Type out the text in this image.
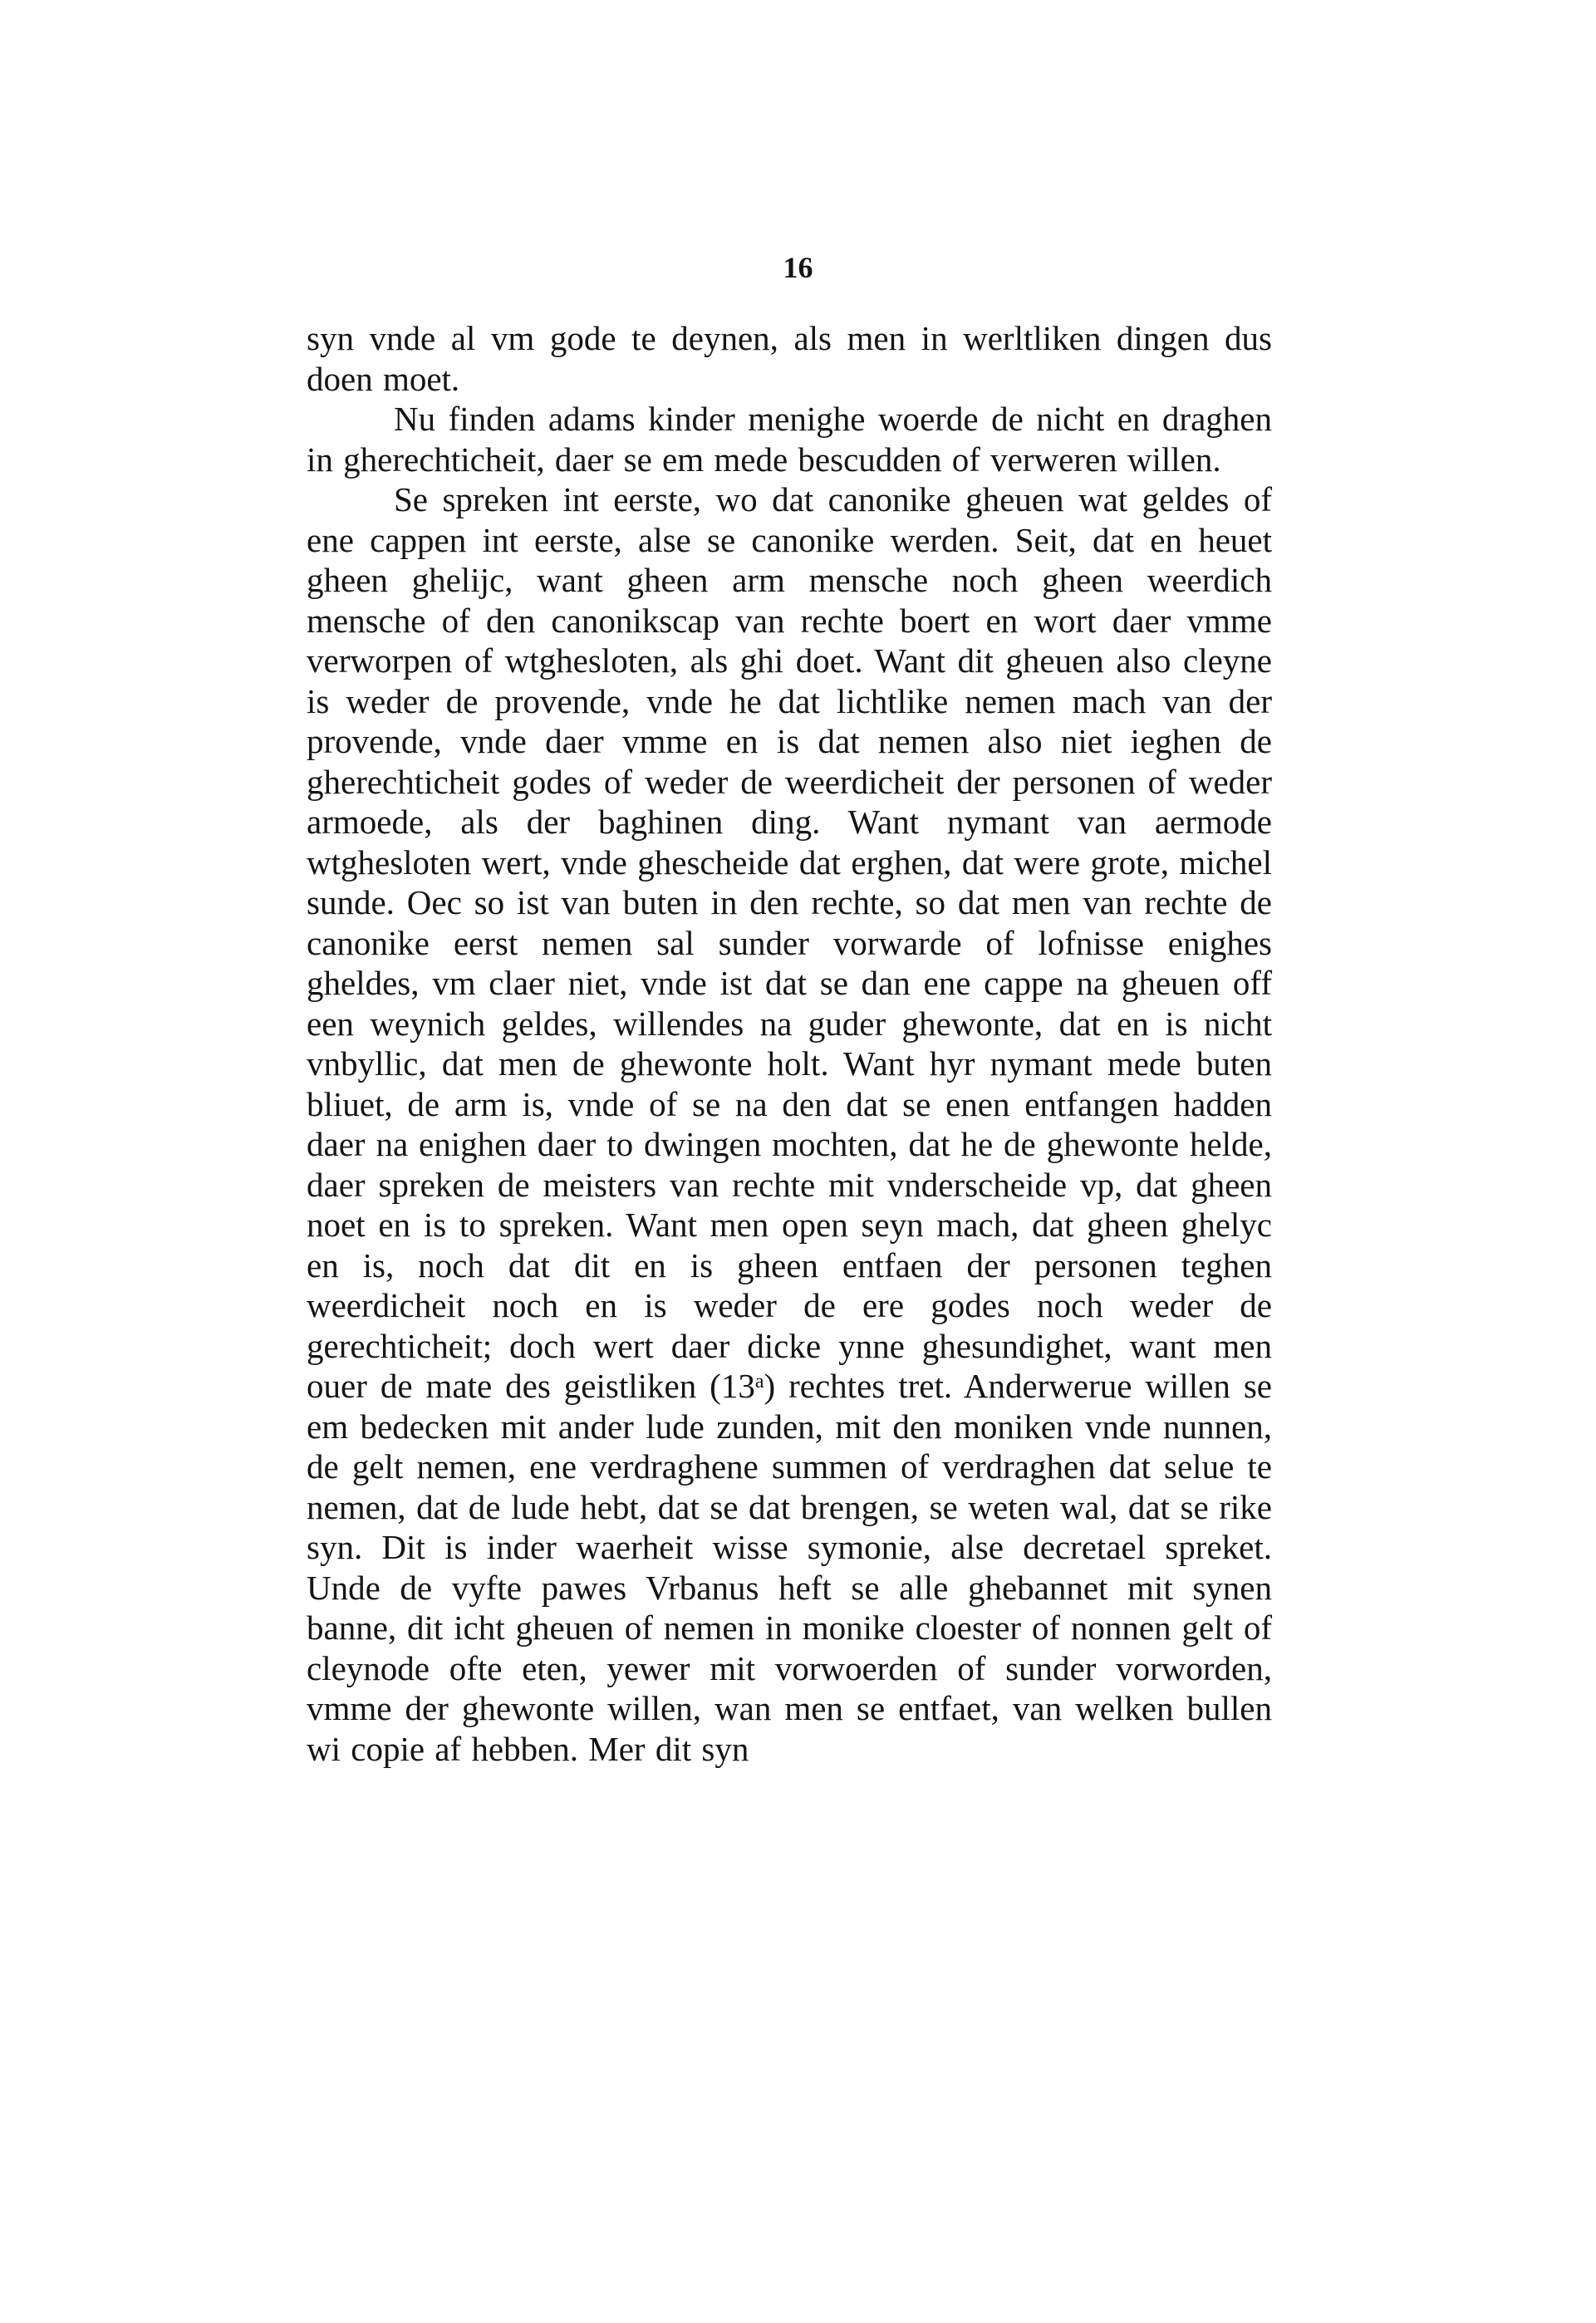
16

syn vnde al vm gode te deynen, als men in werltliken dingen dus doen moet.

Nu finden adams kinder menighe woerde de nicht en draghen in gherechticheit, daer se em mede bescudden of verweren willen.

Se spreken int eerste, wo dat canonike gheuen wat geldes of ene cappen int eerste, alse se canonike werden. Seit, dat en heuet gheen ghelijc, want gheen arm mensche noch gheen weerdich mensche of den canonikscap van rechte boert en wort daer vmme verworpen of wtghesloten, als ghi doet. Want dit gheuen also cleyne is weder de provende, vnde he dat lichtlike nemen mach van der provende, vnde daer vmme en is dat nemen also niet ieghen de gherechticheit godes of weder de weerdicheit der personen of weder armoede, als der baghinen ding. Want nymant van aermode wtghesloten wert, vnde ghescheide dat erghen, dat were grote, michel sunde. Oec so ist van buten in den rechte, so dat men van rechte de canonike eerst nemen sal sunder vorwarde of lofnisse enighes gheldes, vm claer niet, vnde ist dat se dan ene cappe na gheuen off een weynich geldes, willendes na guder ghewonte, dat en is nicht vnbyllic, dat men de ghewonte holt. Want hyr nymant mede buten bliuet, de arm is, vnde of se na den dat se enen entfangen hadden daer na enighen daer to dwingen mochten, dat he de ghewonte helde, daer spreken de meisters van rechte mit vnderscheide vp, dat gheen noet en is to spreken. Want men open seyn mach, dat gheen ghelyc en is, noch dat dit en is gheen entfaen der personen teghen weerdicheit noch en is weder de ere godes noch weder de gerechticheit; doch wert daer dicke ynne ghesundighet, want men ouer de mate des geistliken (13$^a$) rechtes tret. Anderwerue willen se em bedecken mit ander lude zunden, mit den moniken vnde nunnen, de gelt nemen, ene verdraghene summen of verdraghen dat selue te nemen, dat de lude hebt, dat se dat brengen, se weten wal, dat se rike syn. Dit is inder waerheit wisse symonie, alse decretael spreket. Unde de vyfte pawes Vrbanus heft se alle ghebannet mit synen banne, dit icht gheuen of nemen in monike cloester of nonnen gelt of cleynode ofte eten, yewer mit vorwoerden of sunder vorworden, vmme der ghewonte willen, wan men se entfaet, van welken bullen wi copie af hebben. Mer dit syn
